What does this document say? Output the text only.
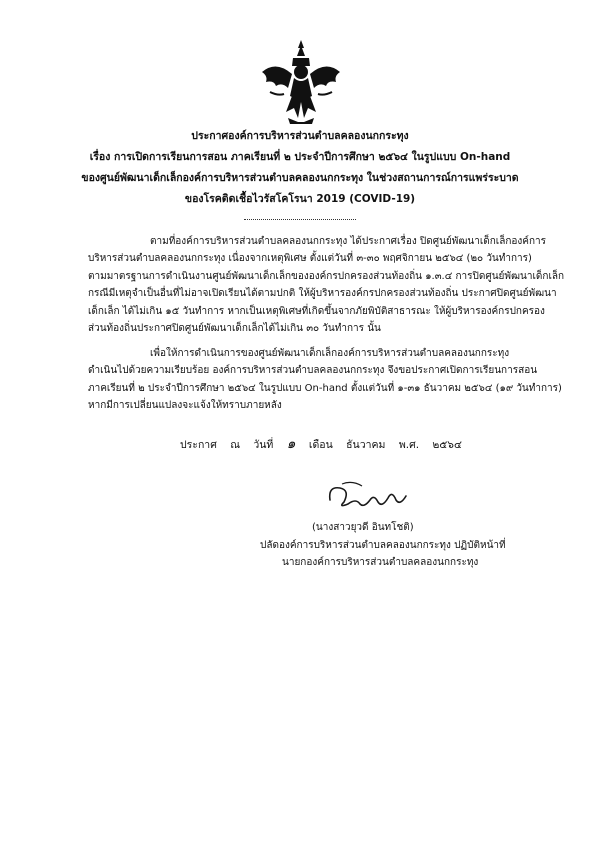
ประกาศองค์การบริหารส่วนตำบลคลองนกกระทุง
เรื่อง การเปิดการเรียนการสอน ภาคเรียนที่ ๒ ประจำปีการศึกษา ๒๕๖๔ ในรูปแบบ On-hand
ของศูนย์พัฒนาเด็กเล็กองค์การบริหารส่วนตำบลคลองนกกระทุง ในช่วงสถานการณ์การแพร่ระบาด
ของโรคติดเชื้อไวรัสโคโรนา 2019 (COVID-19)
ตามที่องค์การบริหารส่วนตำบลคลองนกกระทุง ได้ประกาศเรื่อง ปิดศูนย์พัฒนาเด็กเล็กองค์การ
บริหารส่วนตำบลคลองนกกระทุง เนื่องจากเหตุพิเศษ ตั้งแต่วันที่ ๓-๓๐ พฤศจิกายน ๒๕๖๔ (๒๐ วันทำการ)
ตามมาตรฐานการดำเนินงานศูนย์พัฒนาเด็กเล็กขององค์กรปกครองส่วนท้องถิ่น ๑.๓.๔ การปิดศูนย์พัฒนาเด็กเล็ก
กรณีมีเหตุจำเป็นอื่นที่ไม่อาจเปิดเรียนได้ตามปกติ ให้ผู้บริหารองค์กรปกครองส่วนท้องถิ่น ประกาศปิดศูนย์พัฒนา
เด็กเล็ก ได้ไม่เกิน ๑๕ วันทำการ หากเป็นเหตุพิเศษที่เกิดขึ้นจากภัยพิบัติสาธารณะ ให้ผู้บริหารองค์กรปกครอง
ส่วนท้องถิ่นประกาศปิดศูนย์พัฒนาเด็กเล็กได้ไม่เกิน ๓๐ วันทำการ นั้น
เพื่อให้การดำเนินการของศูนย์พัฒนาเด็กเล็กองค์การบริหารส่วนตำบลคลองนกกระทุง
ดำเนินไปด้วยความเรียบร้อย องค์การบริหารส่วนตำบลคลองนกกระทุง จึงขอประกาศเปิดการเรียนการสอน
ภาคเรียนที่ ๒ ประจำปีการศึกษา ๒๕๖๔ ในรูปแบบ On-hand ตั้งแต่วันที่ ๑-๓๑ ธันวาคม ๒๕๖๔ (๑๙ วันทำการ)
หากมีการเปลี่ยนแปลงจะแจ้งให้ทราบภายหลัง
ประกาศ ณ วันที่ ๑ เดือน ธันวาคม พ.ศ. ๒๕๖๔
(นางสาวยุวดี อินทโชติ)
ปลัดองค์การบริหารส่วนตำบลคลองนกกระทุง ปฏิบัติหน้าที่
นายกองค์การบริหารส่วนตำบลคลองนกกระทุง
